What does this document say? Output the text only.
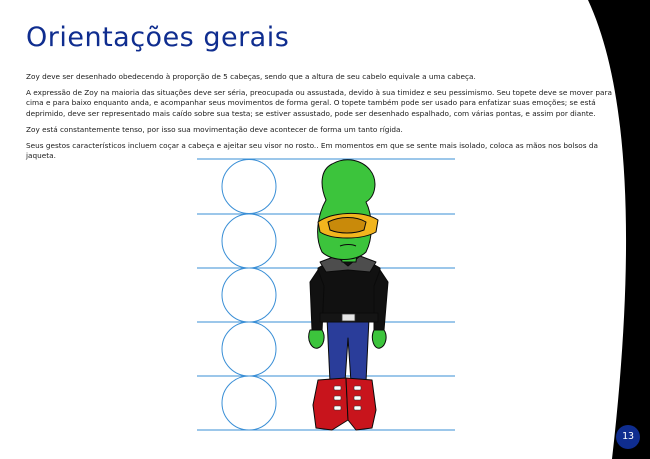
Orientações gerais

Zoy deve ser desenhado obedecendo à proporção de 5 cabeças, sendo que a altura de seu cabelo equivale a uma cabeça.

A expressão de Zoy na maioria das situações deve ser séria, preocupada ou assustada, devido à sua timidez e seu pessimismo. Seu topete deve se mover para cima e para baixo enquanto anda, e acompanhar seus movimentos de forma geral. O topete também pode ser usado para enfatizar suas emoções; se está deprimido, deve ser representado mais caído sobre sua testa; se estiver assustado, pode ser desenhado espalhado, com várias pontas, e assim por diante.

Zoy está constantemente tenso, por isso sua movimentação deve acontecer de forma um tanto rígida.

Seus gestos característicos incluem coçar a cabeça e ajeitar seu visor no rosto.. Em momentos em que se sente mais isolado, coloca as mãos nos bolsos da jaqueta.

13
